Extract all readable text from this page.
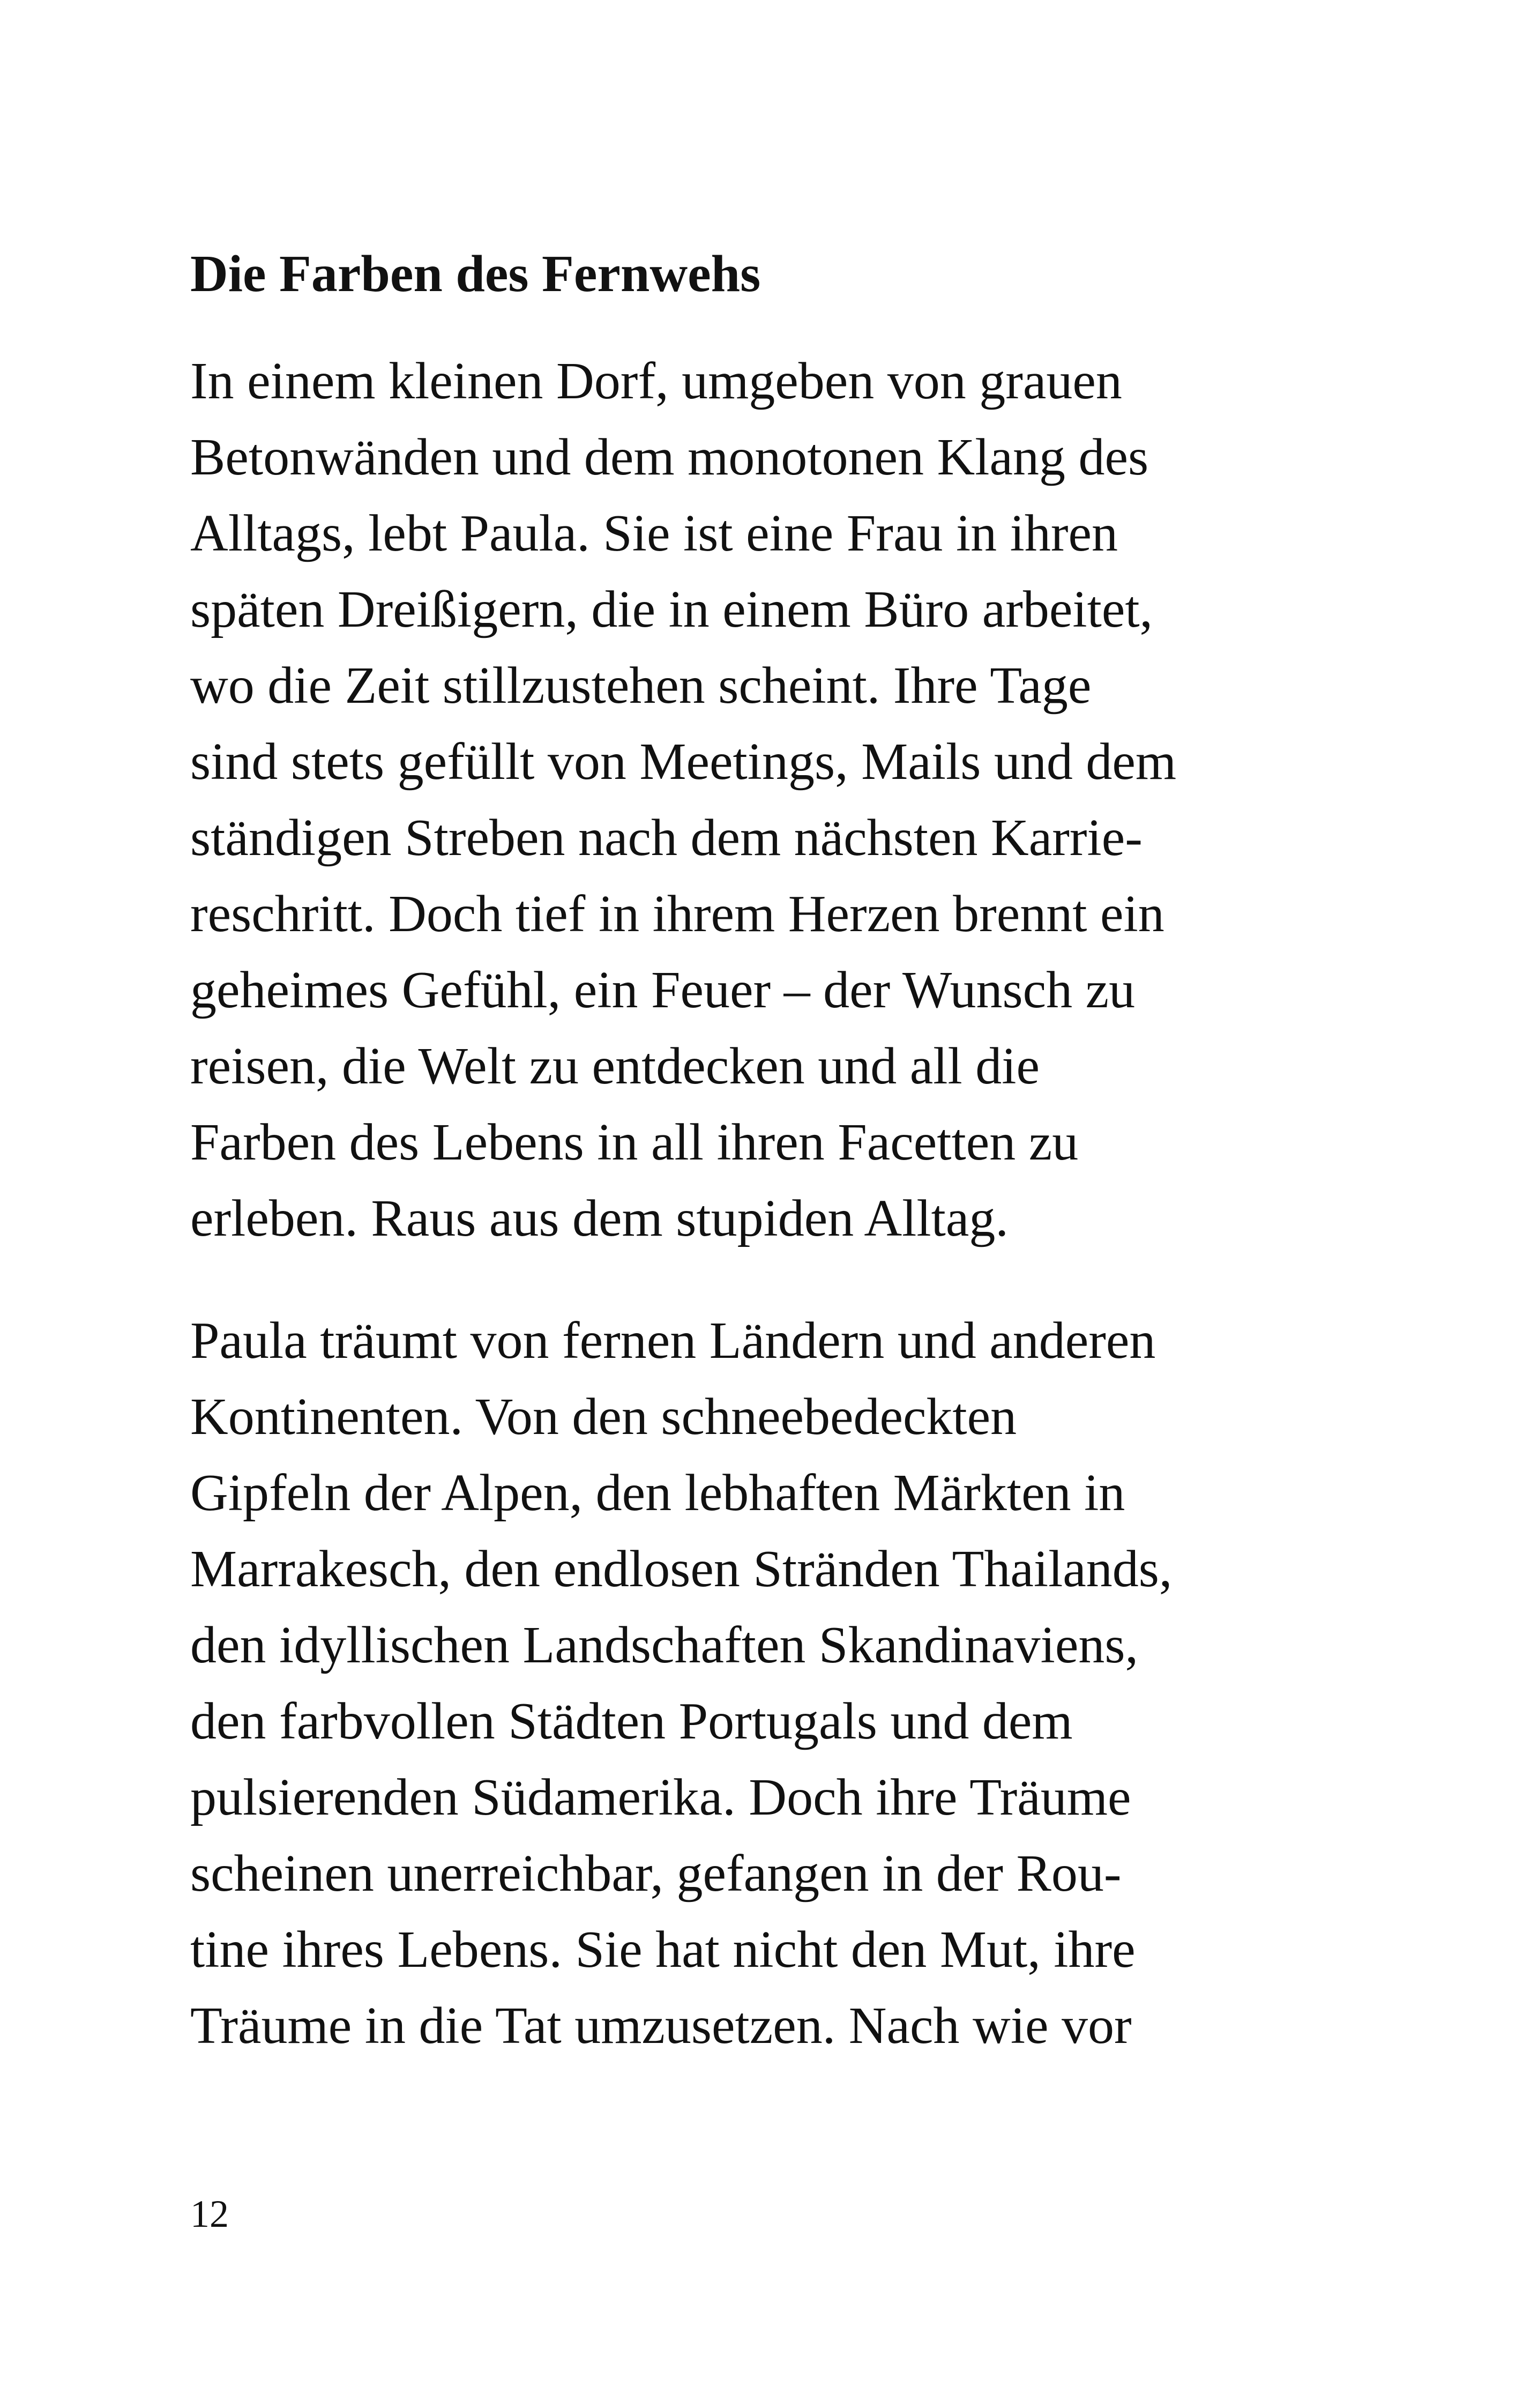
Die Farben des Fernwehs

In einem kleinen Dorf, umgeben von grauen
Betonwänden und dem monotonen Klang des
Alltags, lebt Paula. Sie ist eine Frau in ihren
späten Dreißigern, die in einem Büro arbeitet,
wo die Zeit stillzustehen scheint. Ihre Tage
sind stets gefüllt von Meetings, Mails und dem
ständigen Streben nach dem nächsten Karrie-
reschritt. Doch tief in ihrem Herzen brennt ein
geheimes Gefühl, ein Feuer – der Wunsch zu
reisen, die Welt zu entdecken und all die
Farben des Lebens in all ihren Facetten zu
erleben. Raus aus dem stupiden Alltag.

Paula träumt von fernen Ländern und anderen
Kontinenten. Von den schneebedeckten
Gipfeln der Alpen, den lebhaften Märkten in
Marrakesch, den endlosen Stränden Thailands,
den idyllischen Landschaften Skandinaviens,
den farbvollen Städten Portugals und dem
pulsierenden Südamerika. Doch ihre Träume
scheinen unerreichbar, gefangen in der Rou-
tine ihres Lebens. Sie hat nicht den Mut, ihre
Träume in die Tat umzusetzen. Nach wie vor

12
